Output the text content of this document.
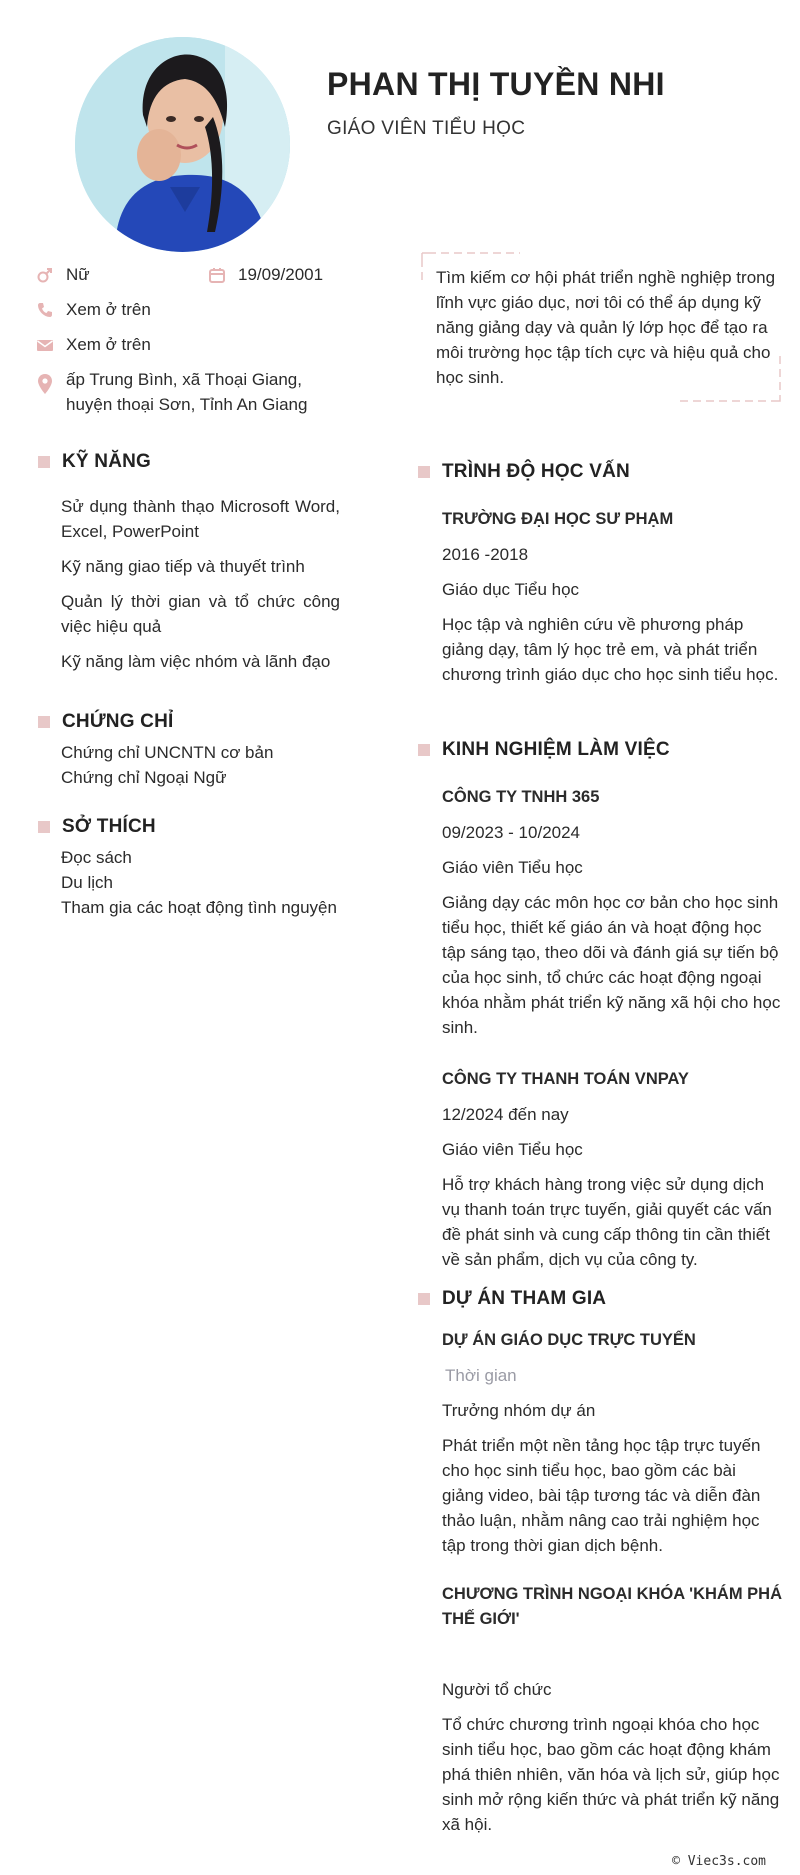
PHAN THỊ TUYỀN NHI

GIÁO VIÊN TIỂU HỌC

Nữ	19/09/2001
Xem ở trên
Xem ở trên
ấp Trung Bình, xã Thoại Giang, huyện thoại Sơn, Tỉnh An Giang

Tìm kiếm cơ hội phát triển nghề nghiệp trong lĩnh vực giáo dục, nơi tôi có thể áp dụng kỹ năng giảng dạy và quản lý lớp học để tạo ra môi trường học tập tích cực và hiệu quả cho học sinh.

KỸ NĂNG
Sử dụng thành thạo Microsoft Word, Excel, PowerPoint
Kỹ năng giao tiếp và thuyết trình
Quản lý thời gian và tổ chức công việc hiệu quả
Kỹ năng làm việc nhóm và lãnh đạo
CHỨNG CHỈ
Chứng chỉ UNCNTN cơ bản
Chứng chỉ Ngoại Ngữ
SỞ THÍCH
Đọc sách
Du lịch
Tham gia các hoạt động tình nguyện
TRÌNH ĐỘ HỌC VẤN

TRƯỜNG ĐẠI HỌC SƯ PHẠM

2016 -2018

Giáo dục Tiểu học

Học tập và nghiên cứu về phương pháp giảng dạy, tâm lý học trẻ em, và phát triển chương trình giáo dục cho học sinh tiểu học.

KINH NGHIỆM LÀM VIỆC

CÔNG TY TNHH 365

09/2023 - 10/2024

Giáo viên Tiểu học

Giảng dạy các môn học cơ bản cho học sinh tiểu học, thiết kế giáo án và hoạt động học tập sáng tạo, theo dõi và đánh giá sự tiến bộ của học sinh, tổ chức các hoạt động ngoại khóa nhằm phát triển kỹ năng xã hội cho học sinh.

CÔNG TY THANH TOÁN VNPAY

12/2024 đến nay

Giáo viên Tiểu học

Hỗ trợ khách hàng trong việc sử dụng dịch vụ thanh toán trực tuyến, giải quyết các vấn đề phát sinh và cung cấp thông tin cần thiết về sản phẩm, dịch vụ của công ty.

DỰ ÁN THAM GIA

DỰ ÁN GIÁO DỤC TRỰC TUYẾN

Thời gian

Trưởng nhóm dự án

Phát triển một nền tảng học tập trực tuyến cho học sinh tiểu học, bao gồm các bài giảng video, bài tập tương tác và diễn đàn thảo luận, nhằm nâng cao trải nghiệm học tập trong thời gian dịch bệnh.

CHƯƠNG TRÌNH NGOẠI KHÓA 'KHÁM PHÁ THẾ GIỚI'

Người tổ chức

Tổ chức chương trình ngoại khóa cho học sinh tiểu học, bao gồm các hoạt động khám phá thiên nhiên, văn hóa và lịch sử, giúp học sinh mở rộng kiến thức và phát triển kỹ năng xã hội.

© Viec3s.com
